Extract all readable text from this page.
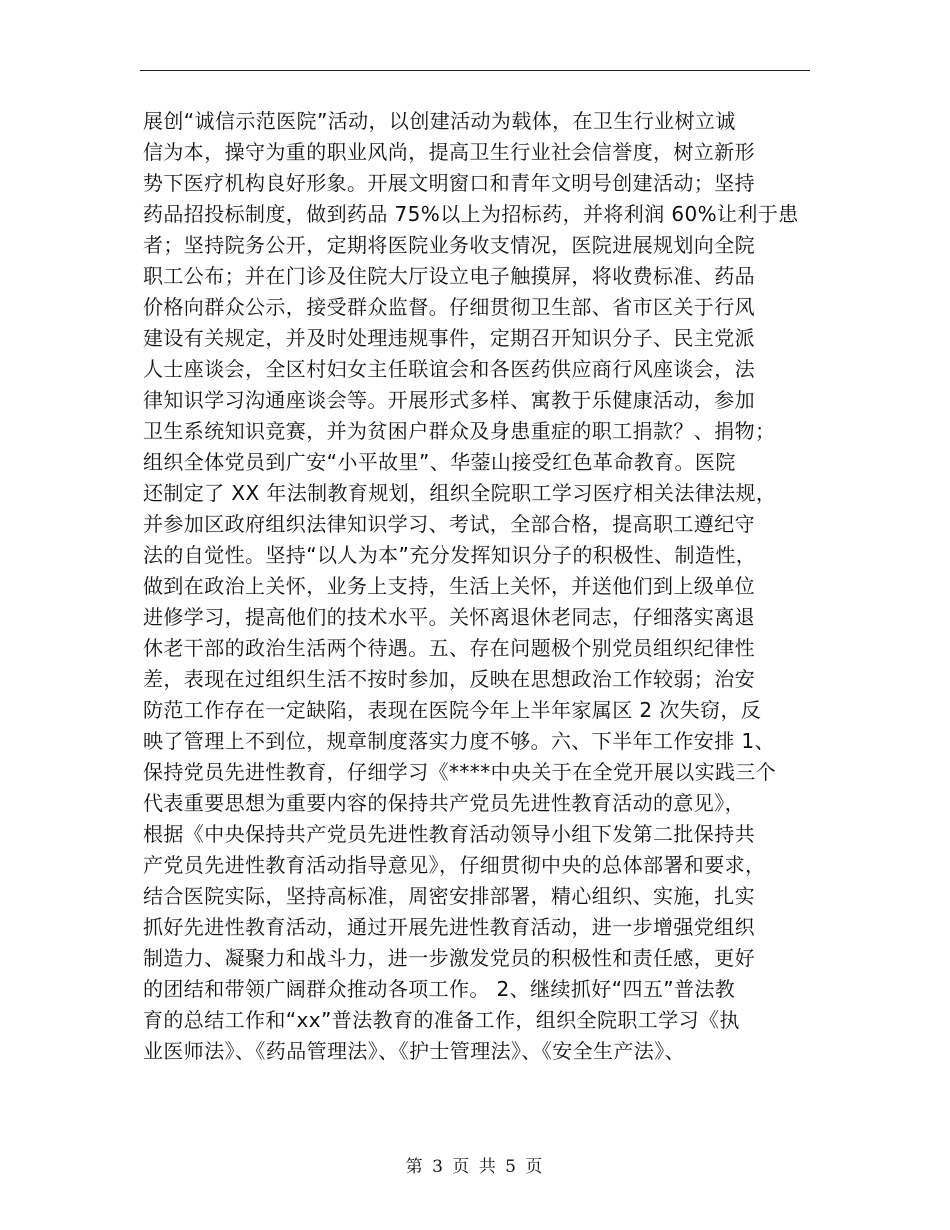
展创“诚信示范医院”活动，以创建活动为载体，在卫生行业树立诚
信为本，操守为重的职业风尚，提高卫生行业社会信誉度，树立新形
势下医疗机构良好形象。开展文明窗口和青年文明号创建活动；坚持
药品招投标制度，做到药品 75%以上为招标药，并将利润 60%让利于患
者；坚持院务公开，定期将医院业务收支情况，医院进展规划向全院
职工公布；并在门诊及住院大厅设立电子触摸屏，将收费标准、药品
价格向群众公示，接受群众监督。仔细贯彻卫生部、省市区关于行风
建设有关规定，并及时处理违规事件，定期召开知识分子、民主党派
人士座谈会，全区村妇女主任联谊会和各医药供应商行风座谈会，法
律知识学习沟通座谈会等。开展形式多样、寓教于乐健康活动，参加
卫生系统知识竞赛，并为贫困户群众及身患重症的职工捐款？、捐物；
组织全体党员到广安“小平故里”、华蓥山接受红色革命教育。医院
还制定了 XX 年法制教育规划，组织全院职工学习医疗相关法律法规，
并参加区政府组织法律知识学习、考试，全部合格，提高职工遵纪守
法的自觉性。坚持“以人为本”充分发挥知识分子的积极性、制造性，
做到在政治上关怀，业务上支持，生活上关怀，并送他们到上级单位
进修学习，提高他们的技术水平。关怀离退休老同志，仔细落实离退
休老干部的政治生活两个待遇。五、存在问题极个别党员组织纪律性
差，表现在过组织生活不按时参加，反映在思想政治工作较弱；治安
防范工作存在一定缺陷，表现在医院今年上半年家属区 2 次失窃，反
映了管理上不到位，规章制度落实力度不够。六、下半年工作安排 1、
保持党员先进性教育，仔细学习《****中央关于在全党开展以实践三个
代表重要思想为重要内容的保持共产党员先进性教育活动的意见》，
根据《中央保持共产党员先进性教育活动领导小组下发第二批保持共
产党员先进性教育活动指导意见》，仔细贯彻中央的总体部署和要求，
结合医院实际，坚持高标准，周密安排部署，精心组织、实施，扎实
抓好先进性教育活动，通过开展先进性教育活动，进一步增强党组织
制造力、凝聚力和战斗力，进一步激发党员的积极性和责任感，更好
的团结和带领广阔群众推动各项工作。 2、继续抓好“四五”普法教
育的总结工作和“xx”普法教育的准备工作，组织全院职工学习《执
业医师法》、《药品管理法》、《护士管理法》、《安全生产法》、
第 3 页 共 5 页
